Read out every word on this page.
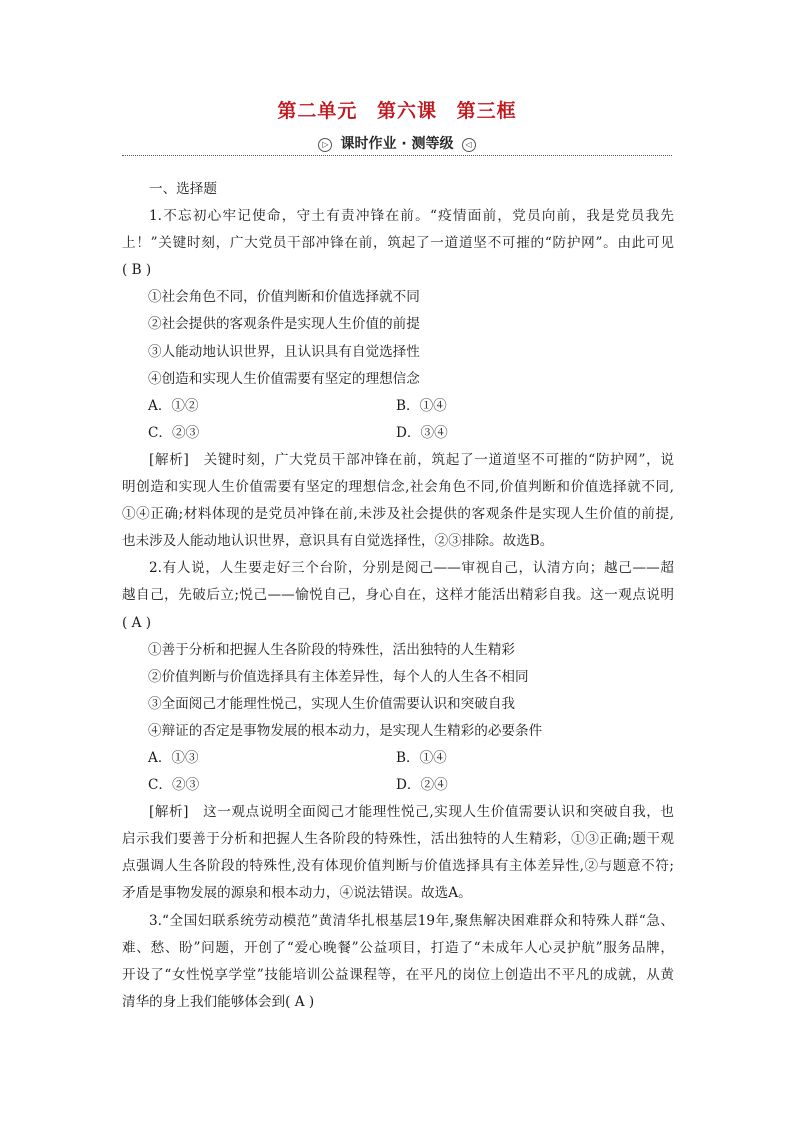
第二单元 第六课 第三框
▷ 课时作业 · 测等级 ◁
一、选择题
1.不忘初心牢记使命，守土有责冲锋在前。“疫情面前，党员向前，我是党员我先
上！”关键时刻，广大党员干部冲锋在前，筑起了一道道坚不可摧的“防护网”。由此可见
( B )
①社会角色不同，价值判断和价值选择就不同
②社会提供的客观条件是实现人生价值的前提
③人能动地认识世界，且认识具有自觉选择性
④创造和实现人生价值需要有坚定的理想信念
A．①②	B．①④
C．②③	D．③④
[解析]　关键时刻，广大党员干部冲锋在前，筑起了一道道坚不可摧的“防护网”，说
明创造和实现人生价值需要有坚定的理想信念,社会角色不同,价值判断和价值选择就不同,
①④正确;材料体现的是党员冲锋在前,未涉及社会提供的客观条件是实现人生价值的前提,
也未涉及人能动地认识世界，意识具有自觉选择性，②③排除。故选B。
2.有人说，人生要走好三个台阶，分别是阅己——审视自己，认清方向；越己——超
越自己，先破后立;悦己——愉悦自己，身心自在，这样才能活出精彩自我。这一观点说明
( A )
①善于分析和把握人生各阶段的特殊性，活出独特的人生精彩
②价值判断与价值选择具有主体差异性，每个人的人生各不相同
③全面阅己才能理性悦己，实现人生价值需要认识和突破自我
④辩证的否定是事物发展的根本动力，是实现人生精彩的必要条件
A．①③	B．①④
C．②③	D．②④
[解析]　这一观点说明全面阅己才能理性悦己,实现人生价值需要认识和突破自我，也
启示我们要善于分析和把握人生各阶段的特殊性，活出独特的人生精彩，①③正确;题干观
点强调人生各阶段的特殊性,没有体现价值判断与价值选择具有主体差异性,②与题意不符;
矛盾是事物发展的源泉和根本动力，④说法错误。故选A。
3.“全国妇联系统劳动模范”黄清华扎根基层19年,聚焦解决困难群众和特殊人群“急、
难、愁、盼”问题，开创了“爱心晚餐”公益项目，打造了“未成年人心灵护航”服务品牌，
开设了“女性悦享学堂”技能培训公益课程等，在平凡的岗位上创造出不平凡的成就，从黄
清华的身上我们能够体会到( A )
